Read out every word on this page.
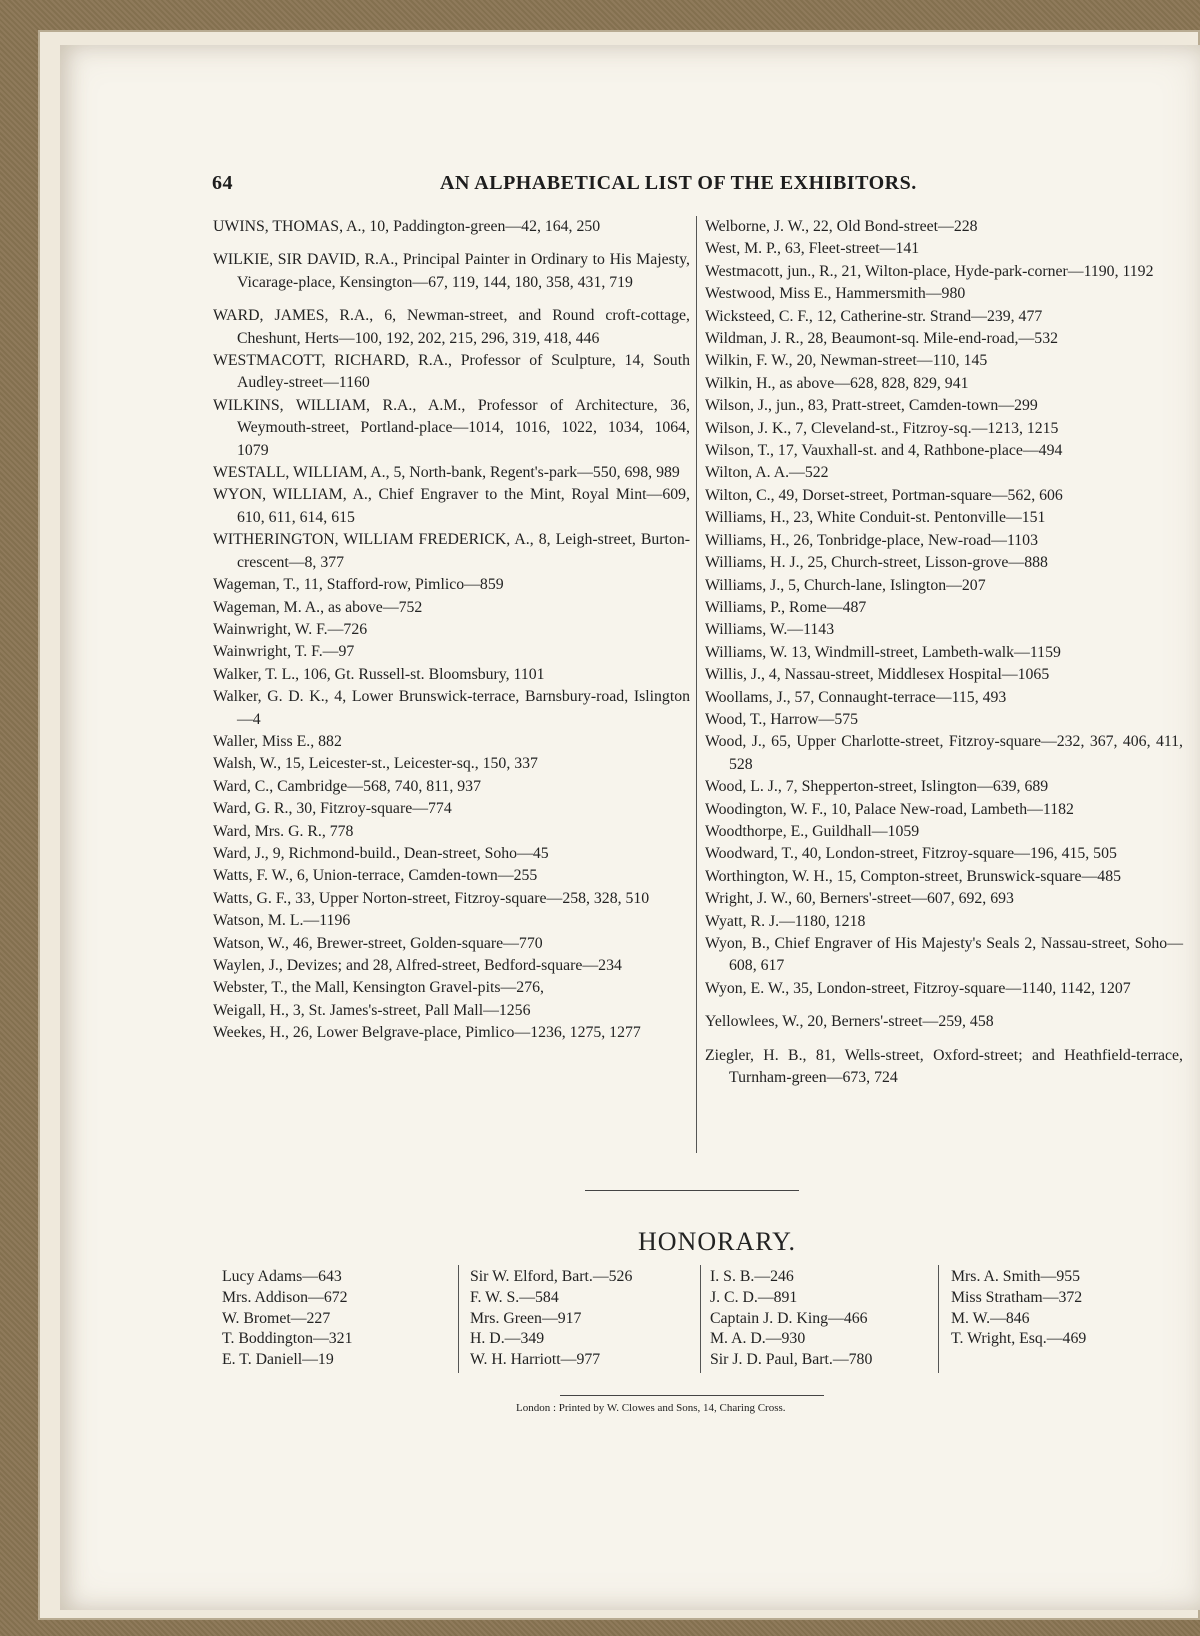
64	AN ALPHABETICAL LIST OF THE EXHIBITORS.

UWINS, THOMAS, A., 10, Paddington-green—42, 164, 250

WILKIE, SIR DAVID, R.A., Principal Painter in Ordinary to His Majesty, Vicarage-place, Kensington—67, 119, 144, 180, 358, 431, 719

WARD, JAMES, R.A., 6, Newman-street, and Round croft-cottage, Cheshunt, Herts—100, 192, 202, 215, 296, 319, 418, 446

WESTMACOTT, RICHARD, R.A., Professor of Sculpture, 14, South Audley-street—1160

WILKINS, WILLIAM, R.A., A.M., Professor of Architecture, 36, Weymouth-street, Portland-place—1014, 1016, 1022, 1034, 1064, 1079

WESTALL, WILLIAM, A., 5, North-bank, Regent's-park—550, 698, 989

WYON, WILLIAM, A., Chief Engraver to the Mint, Royal Mint—609, 610, 611, 614, 615

WITHERINGTON, WILLIAM FREDERICK, A., 8, Leigh-street, Burton-crescent—8, 377

Wageman, T., 11, Stafford-row, Pimlico—859

Wageman, M. A., as above—752

Wainwright, W. F.—726

Wainwright, T. F.—97

Walker, T. L., 106, Gt. Russell-st. Bloomsbury, 1101

Walker, G. D. K., 4, Lower Brunswick-terrace, Barnsbury-road, Islington—4

Waller, Miss E., 882

Walsh, W., 15, Leicester-st., Leicester-sq., 150, 337

Ward, C., Cambridge—568, 740, 811, 937

Ward, G. R., 30, Fitzroy-square—774

Ward, Mrs. G. R., 778

Ward, J., 9, Richmond-build., Dean-street, Soho—45

Watts, F. W., 6, Union-terrace, Camden-town—255

Watts, G. F., 33, Upper Norton-street, Fitzroy-square—258, 328, 510

Watson, M. L.—1196

Watson, W., 46, Brewer-street, Golden-square—770

Waylen, J., Devizes; and 28, Alfred-street, Bedford-square—234

Webster, T., the Mall, Kensington Gravel-pits—276,

Weigall, H., 3, St. James's-street, Pall Mall—1256

Weekes, H., 26, Lower Belgrave-place, Pimlico—1236, 1275, 1277

Welborne, J. W., 22, Old Bond-street—228

West, M. P., 63, Fleet-street—141

Westmacott, jun., R., 21, Wilton-place, Hyde-park-corner—1190, 1192

Westwood, Miss E., Hammersmith—980

Wicksteed, C. F., 12, Catherine-str. Strand—239, 477

Wildman, J. R., 28, Beaumont-sq. Mile-end-road,—532

Wilkin, F. W., 20, Newman-street—110, 145

Wilkin, H., as above—628, 828, 829, 941

Wilson, J., jun., 83, Pratt-street, Camden-town—299

Wilson, J. K., 7, Cleveland-st., Fitzroy-sq.—1213, 1215

Wilson, T., 17, Vauxhall-st. and 4, Rathbone-place—494

Wilton, A. A.—522

Wilton, C., 49, Dorset-street, Portman-square—562, 606

Williams, H., 23, White Conduit-st. Pentonville—151

Williams, H., 26, Tonbridge-place, New-road—1103

Williams, H. J., 25, Church-street, Lisson-grove—888

Williams, J., 5, Church-lane, Islington—207

Williams, P., Rome—487

Williams, W.—1143

Williams, W. 13, Windmill-street, Lambeth-walk—1159

Willis, J., 4, Nassau-street, Middlesex Hospital—1065

Woollams, J., 57, Connaught-terrace—115, 493

Wood, T., Harrow—575

Wood, J., 65, Upper Charlotte-street, Fitzroy-square—232, 367, 406, 411, 528

Wood, L. J., 7, Shepperton-street, Islington—639, 689

Woodington, W. F., 10, Palace New-road, Lambeth—1182

Woodthorpe, E., Guildhall—1059

Woodward, T., 40, London-street, Fitzroy-square—196, 415, 505

Worthington, W. H., 15, Compton-street, Brunswick-square—485

Wright, J. W., 60, Berners'-street—607, 692, 693

Wyatt, R. J.—1180, 1218

Wyon, B., Chief Engraver of His Majesty's Seals 2, Nassau-street, Soho—608, 617

Wyon, E. W., 35, London-street, Fitzroy-square—1140, 1142, 1207

Yellowlees, W., 20, Berners'-street—259, 458

Ziegler, H. B., 81, Wells-street, Oxford-street; and Heathfield-terrace, Turnham-green—673, 724

HONORARY.
Lucy Adams—643
Mrs. Addison—672
W. Bromet—227
T. Boddington—321
E. T. Daniell—19
Sir W. Elford, Bart.—526
F. W. S.—584
Mrs. Green—917
H. D.—349
W. H. Harriott—977
I. S. B.—246
J. C. D.—891
Captain J. D. King—466
M. A. D.—930
Sir J. D. Paul, Bart.—780
Mrs. A. Smith—955
Miss Stratham—372
M. W.—846
T. Wright, Esq.—469
London : Printed by W. Clowes and Sons, 14, Charing Cross.
